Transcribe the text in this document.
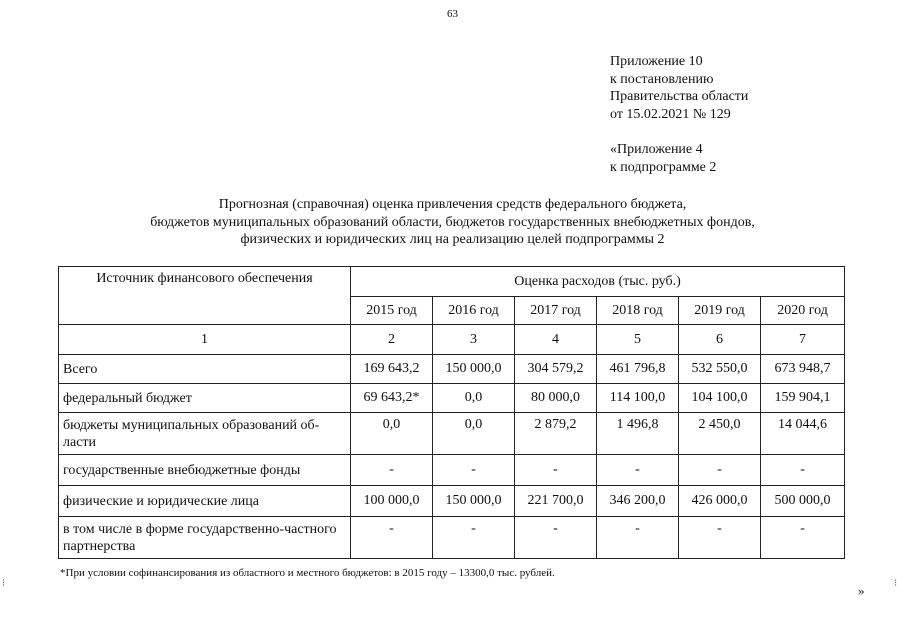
63
Приложение 10
к постановлению
Правительства области
от 15.02.2021 № 129
«Приложение 4
к подпрограмме 2
Прогнозная (справочная) оценка привлечения средств федерального бюджета,
бюджетов муниципальных образований области, бюджетов государственных внебюджетных фондов,
физических и юридических лиц на реализацию целей подпрограммы 2
Источник финансового обеспечения	Оценка расходов (тыс. руб.)					
	2015 год	2016 год	2017 год	2018 год	2019 год	2020 год
1	2	3	4	5	6	7
Всего	169 643,2	150 000,0	304 579,2	461 796,8	532 550,0	673 948,7
федеральный бюджет	69 643,2*	0,0	80 000,0	114 100,0	104 100,0	159 904,1
бюджеты муниципальных образований об-ласти	0,0	0,0	2 879,2	1 496,8	2 450,0	14 044,6
государственные внебюджетные фонды	-	-	-	-	-	-
физические и юридические лица	100 000,0	150 000,0	221 700,0	346 200,0	426 000,0	500 000,0
в том числе в форме государственно-частного партнерства	-	-	-	-	-	-
*При условии софинансирования из областного и местного бюджетов: в 2015 году – 13300,0 тыс. рублей.
»
⁝	⁝
